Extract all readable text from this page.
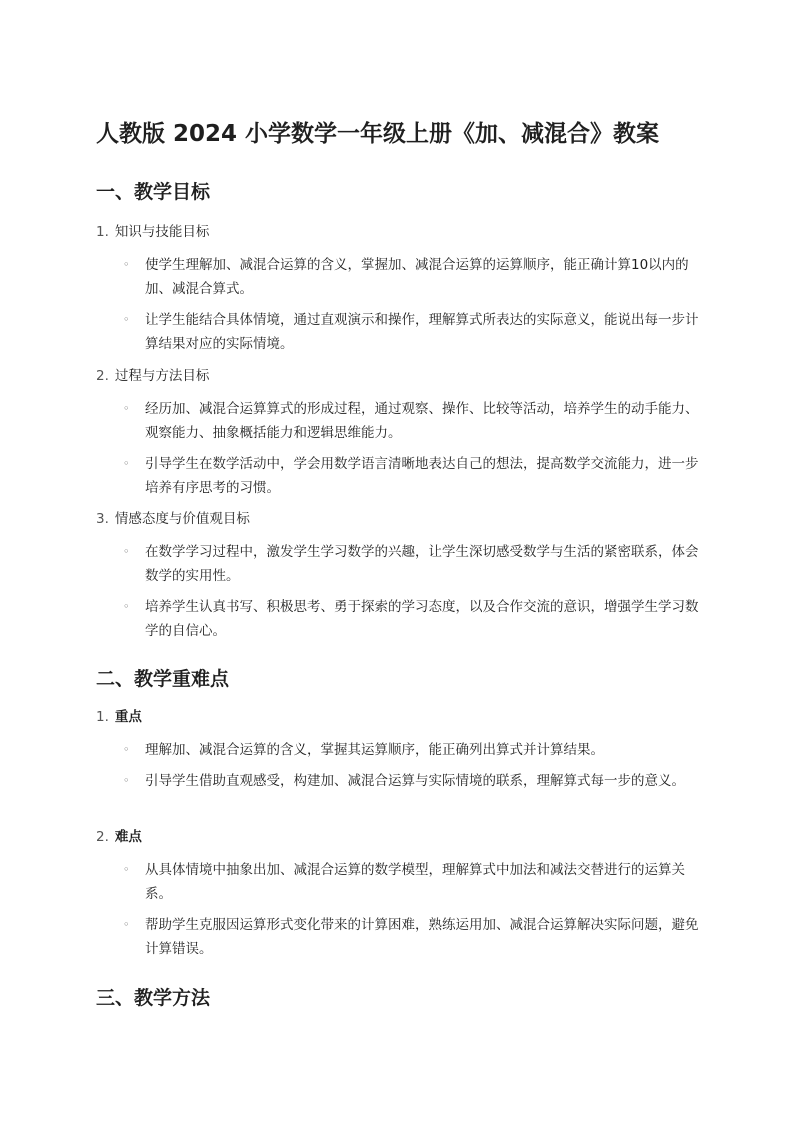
人教版 2024 小学数学一年级上册《加、减混合》教案
一、教学目标
1. 知识与技能目标
◦	使学生理解加、减混合运算的含义，掌握加、减混合运算的运算顺序，能正确计算10以内的加、减混合算式。
◦	让学生能结合具体情境，通过直观演示和操作，理解算式所表达的实际意义，能说出每一步计算结果对应的实际情境。
2. 过程与方法目标
◦	经历加、减混合运算算式的形成过程，通过观察、操作、比较等活动，培养学生的动手能力、观察能力、抽象概括能力和逻辑思维能力。
◦	引导学生在数学活动中，学会用数学语言清晰地表达自己的想法，提高数学交流能力，进一步培养有序思考的习惯。
3. 情感态度与价值观目标
◦	在数学学习过程中，激发学生学习数学的兴趣，让学生深切感受数学与生活的紧密联系，体会数学的实用性。
◦	培养学生认真书写、积极思考、勇于探索的学习态度，以及合作交流的意识，增强学生学习数学的自信心。
二、教学重难点
1. 重点
◦	理解加、减混合运算的含义，掌握其运算顺序，能正确列出算式并计算结果。
◦	引导学生借助直观感受，构建加、减混合运算与实际情境的联系，理解算式每一步的意义。
2. 难点
◦	从具体情境中抽象出加、减混合运算的数学模型，理解算式中加法和减法交替进行的运算关系。
◦	帮助学生克服因运算形式变化带来的计算困难，熟练运用加、减混合运算解决实际问题，避免计算错误。
三、教学方法
